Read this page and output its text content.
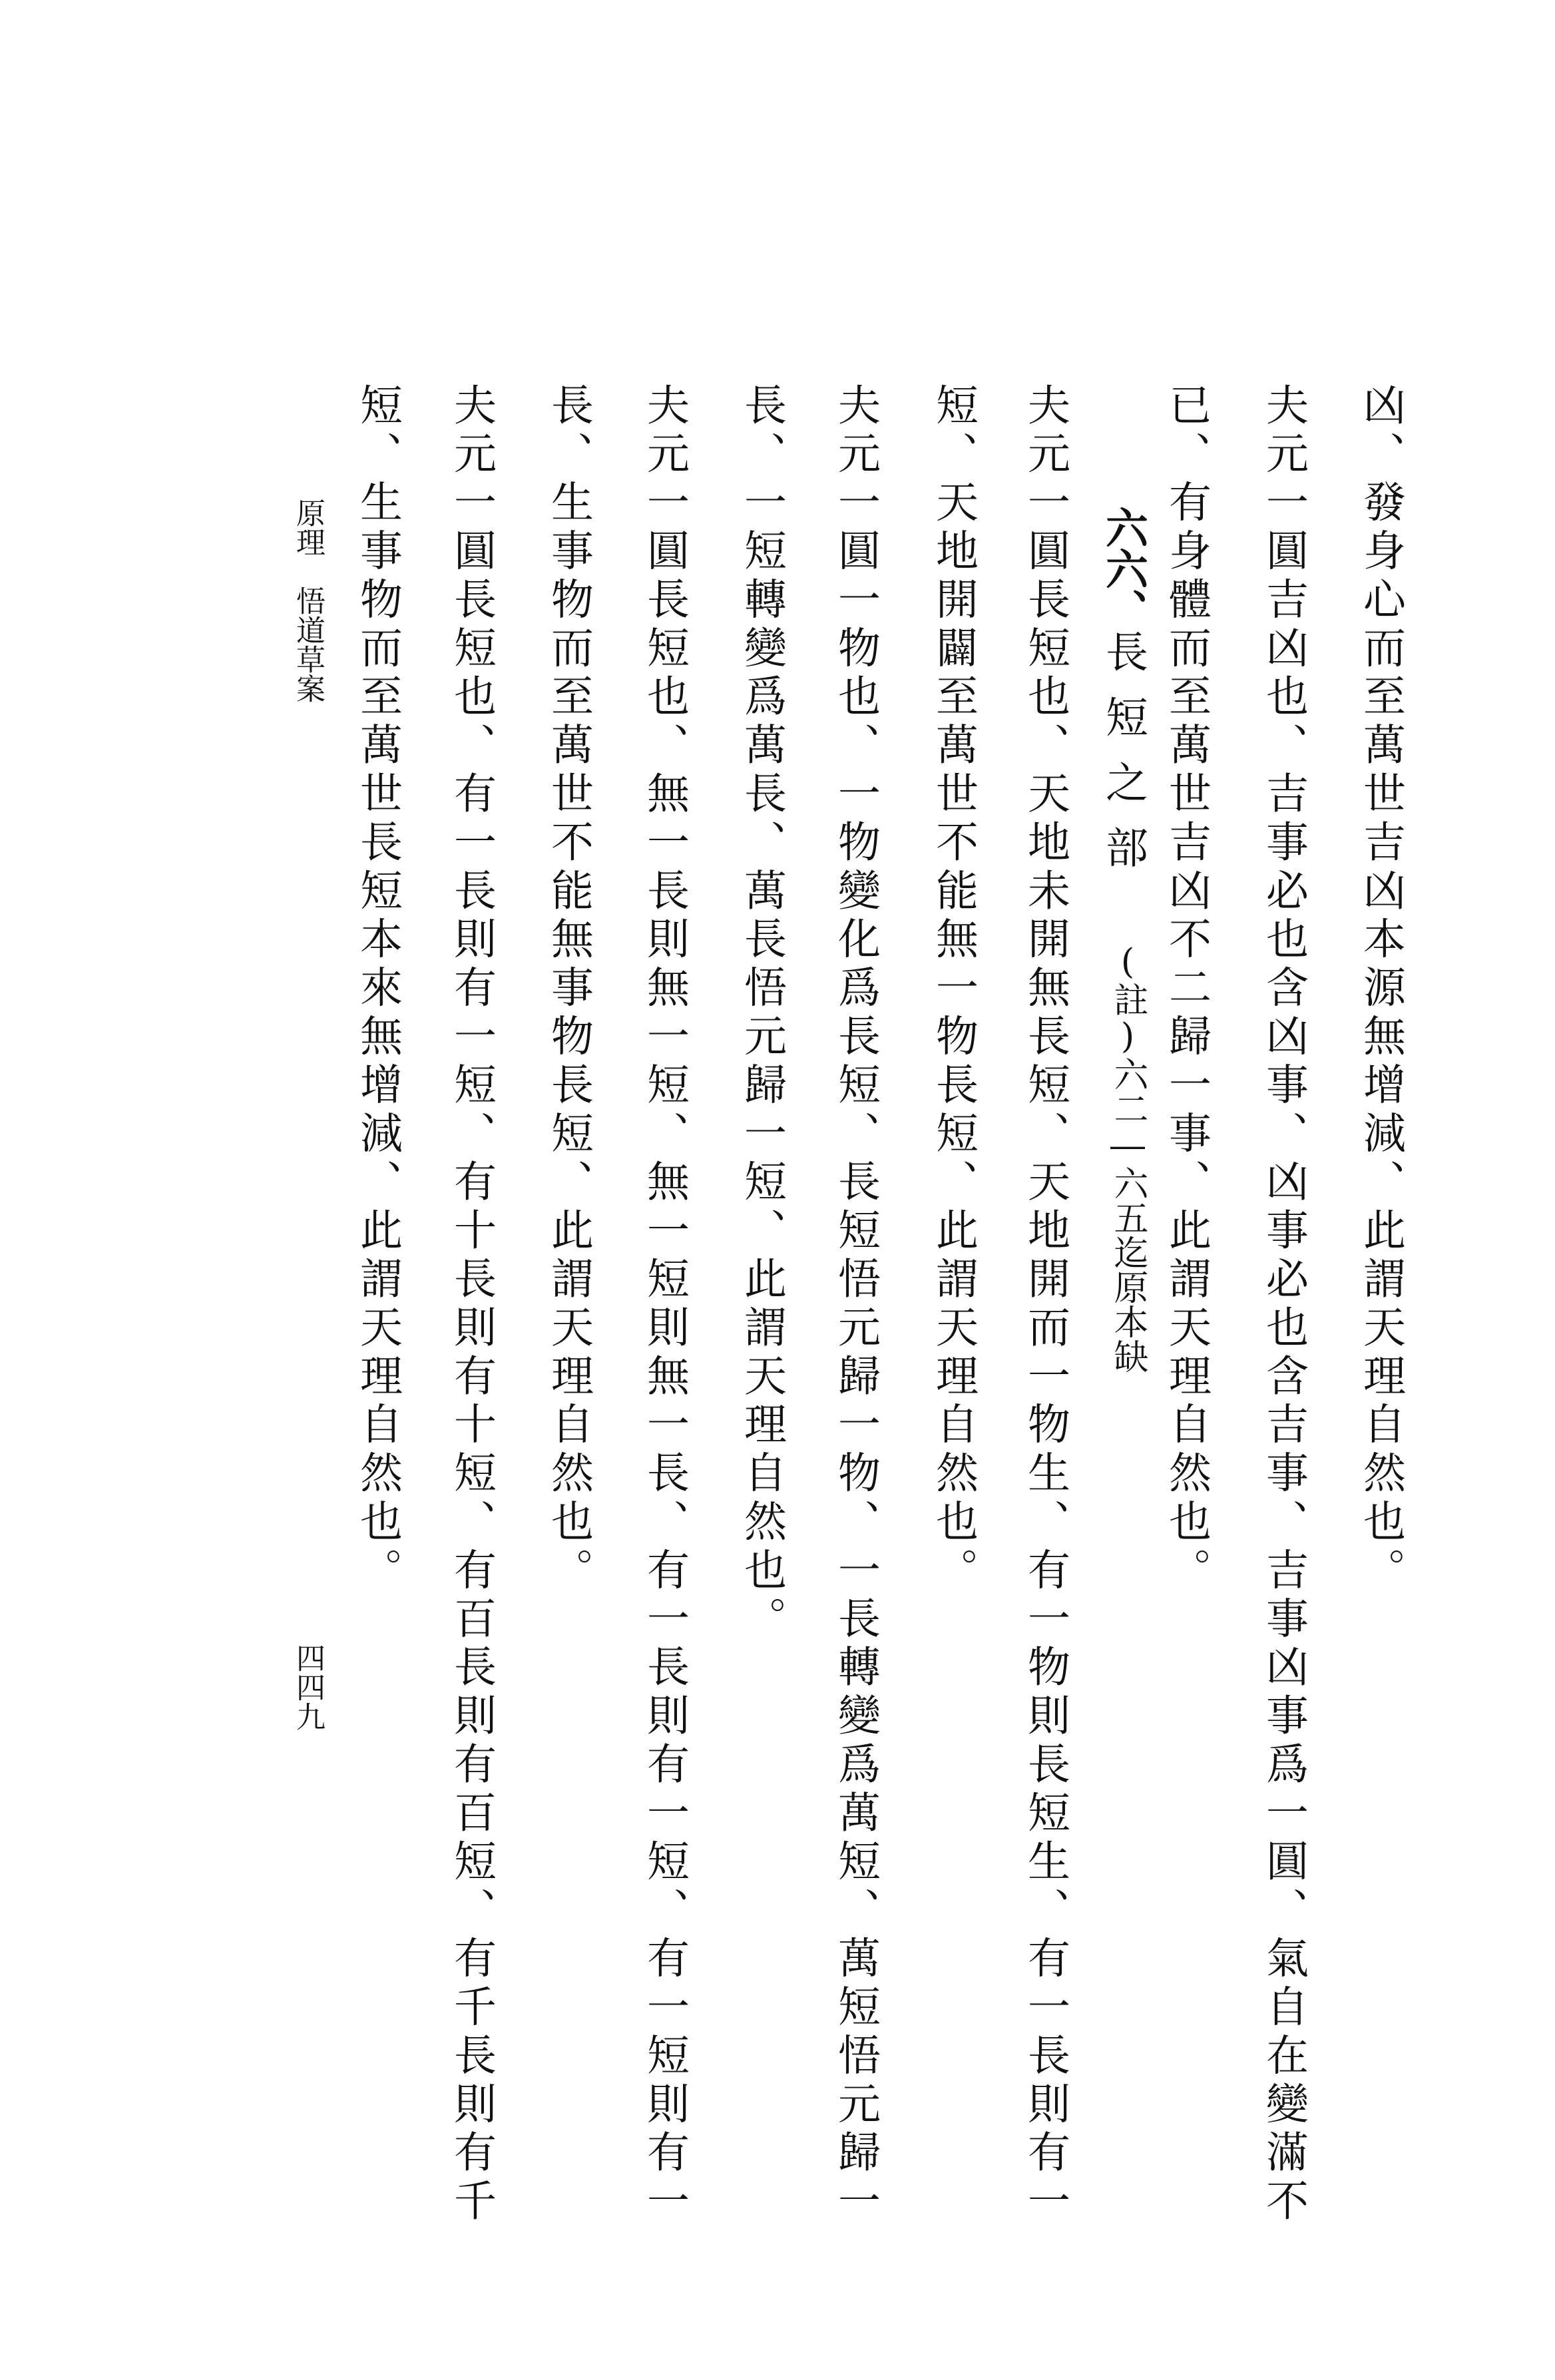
凶、發身心而至萬世吉凶本源無增減、此謂天理自然也。
夫元一圓吉凶也、吉事必也含凶事、凶事必也含吉事、吉事凶事爲一圓、氣自在變滿不
已、有身體而至萬世吉凶不二歸一事、此謂天理自然也。
六六、長短之部
(註)六二―六五迄原本缺
夫元一圓長短也、天地未開無長短、天地開而一物生、有一物則長短生、有一長則有一
短、天地開闢至萬世不能無一物長短、此謂天理自然也。
夫元一圓一物也、一物變化爲長短、長短悟元歸一物、一長轉變爲萬短、萬短悟元歸一
長、一短轉變爲萬長、萬長悟元歸一短、此謂天理自然也。
夫元一圓長短也、無一長則無一短、無一短則無一長、有一長則有一短、有一短則有一
長、生事物而至萬世不能無事物長短、此謂天理自然也。
夫元一圓長短也、有一長則有一短、有十長則有十短、有百長則有百短、有千長則有千
短、生事物而至萬世長短本來無增減、此謂天理自然也。
原理　悟道草案
四四九
